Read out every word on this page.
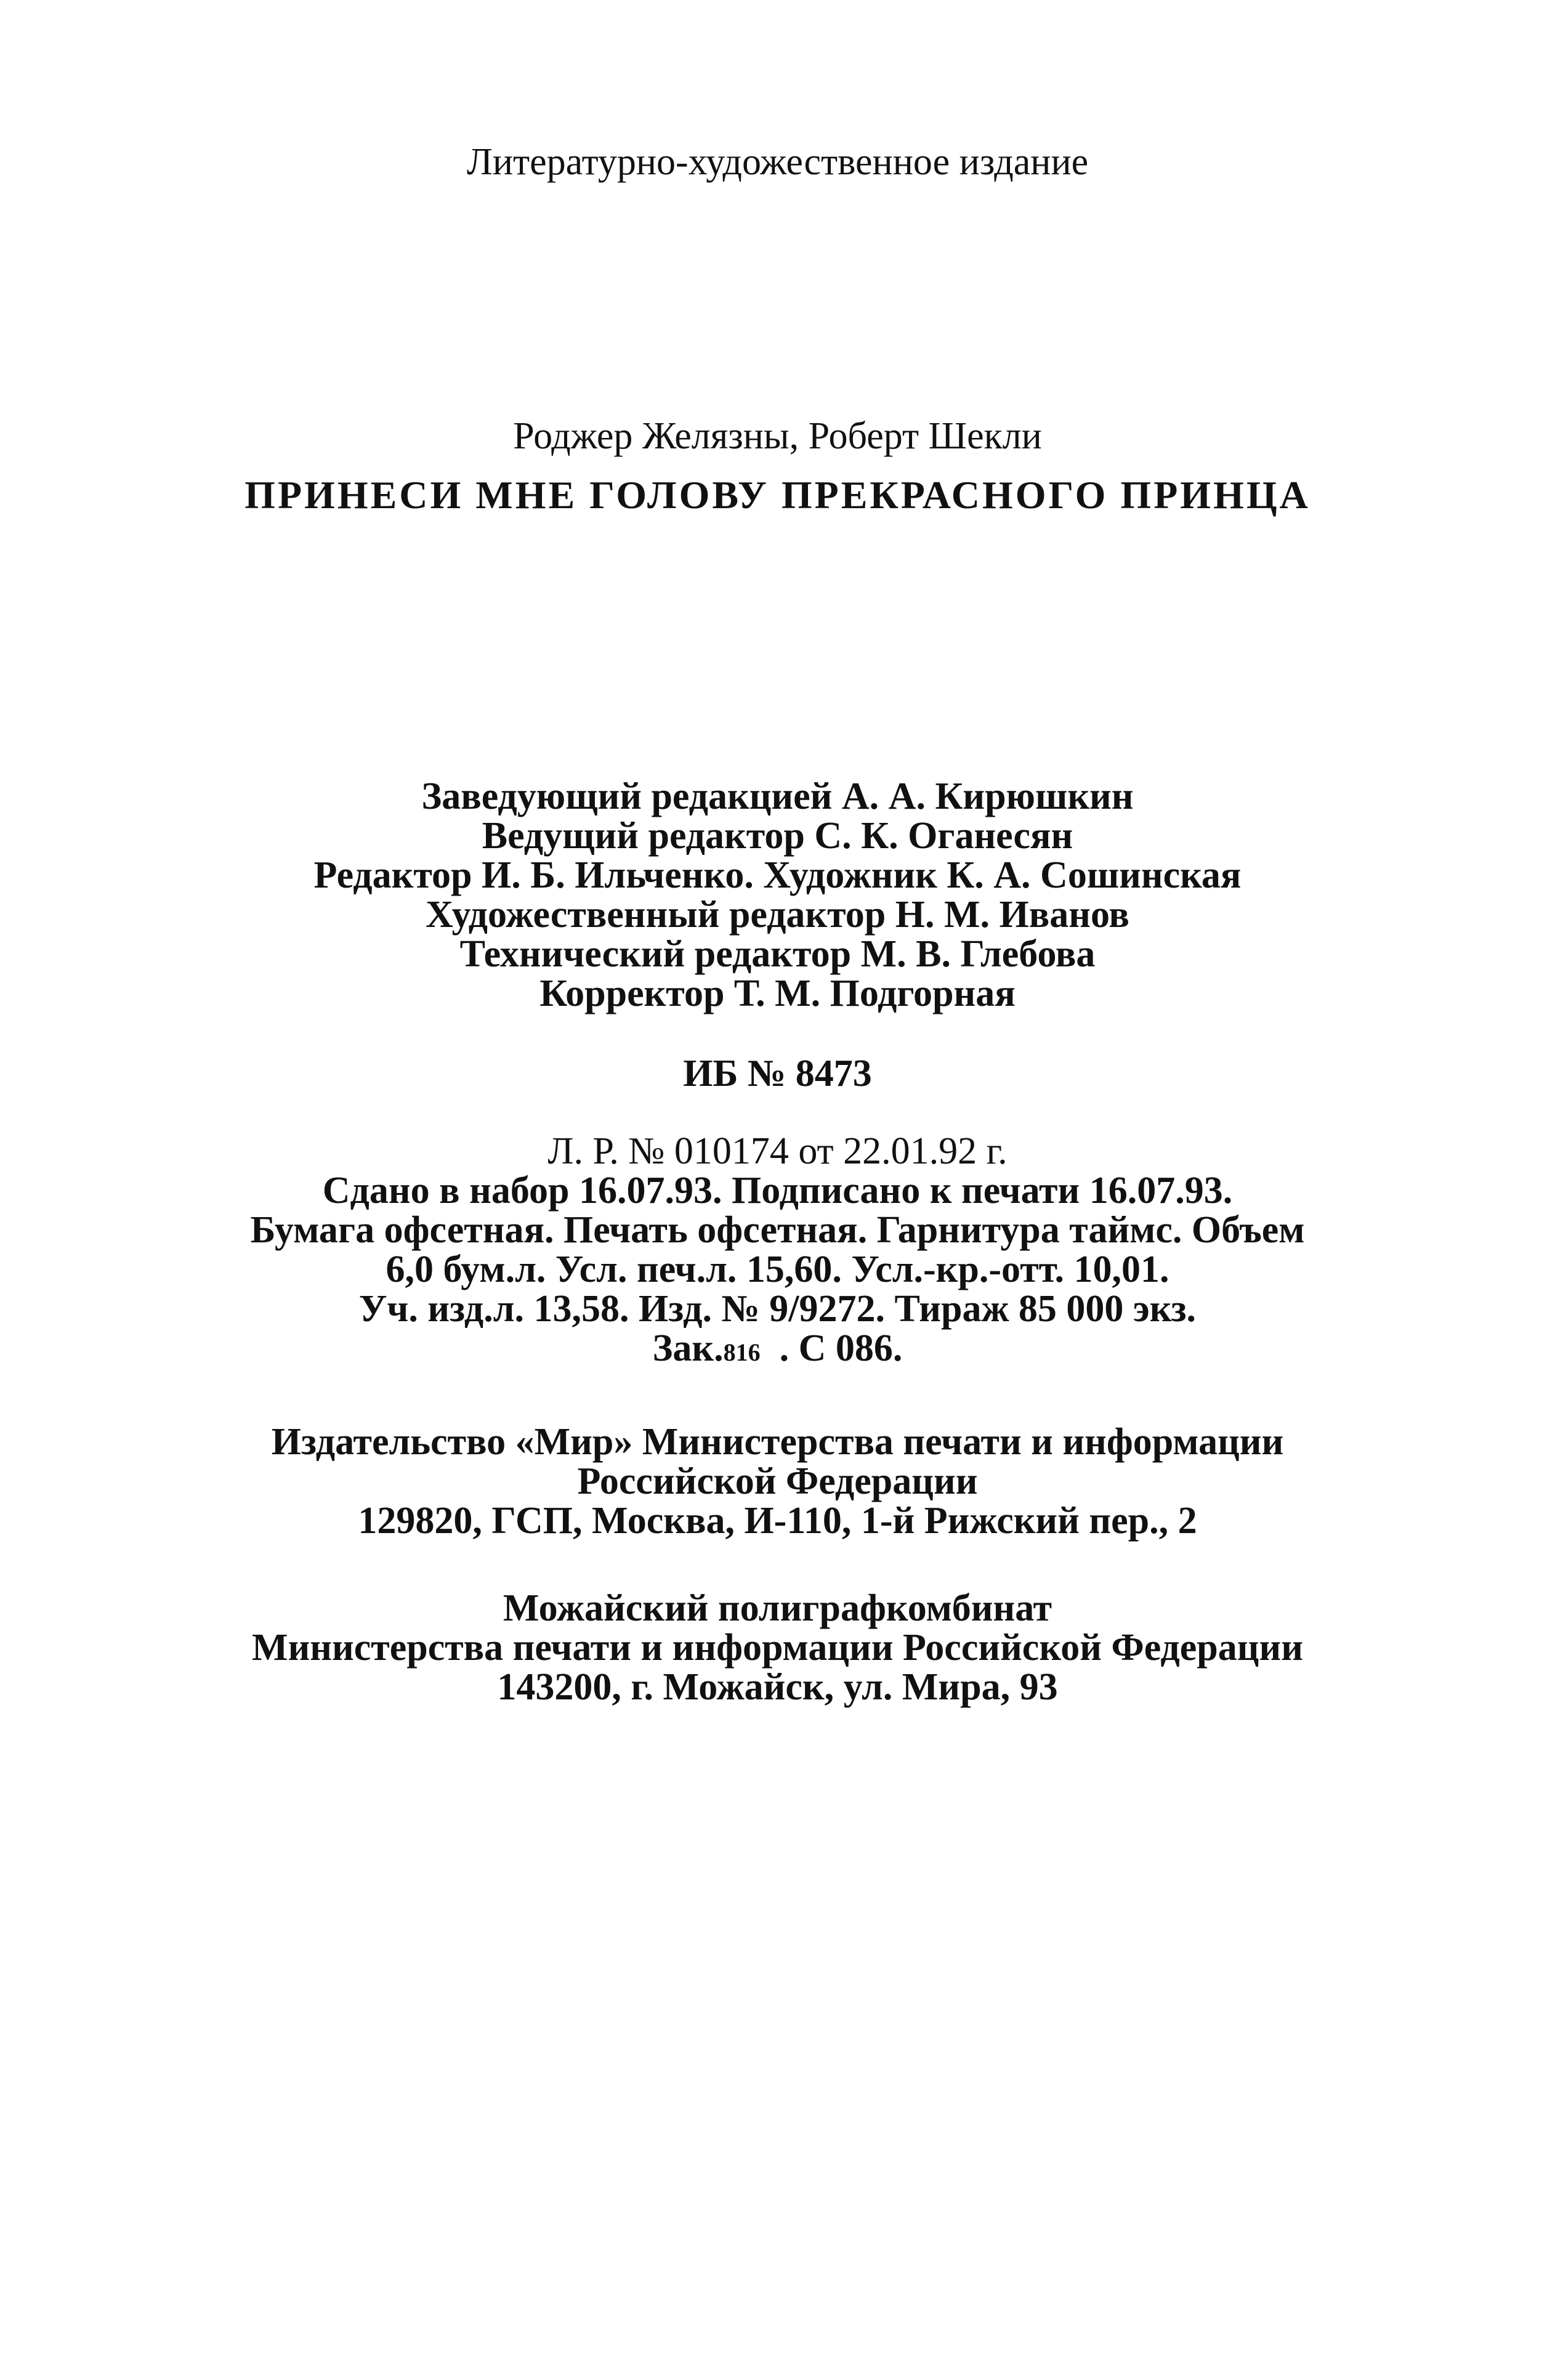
Литературно-художественное издание
Роджер Желязны, Роберт Шекли
ПРИНЕСИ МНЕ ГОЛОВУ ПРЕКРАСНОГО ПРИНЦА
Заведующий редакцией А. А. Кирюшкин
Ведущий редактор С. К. Оганесян
Редактор И. Б. Ильченко. Художник К. А. Сошинская
Художественный редактор Н. М. Иванов
Технический редактор М. В. Глебова
Корректор Т. М. Подгорная
ИБ № 8473
Л. Р. № 010174 от 22.01.92 г.
Сдано в набор 16.07.93. Подписано к печати 16.07.93.
Бумага офсетная. Печать офсетная. Гарнитура таймс. Объем
6,0 бум.л. Усл. печ.л. 15,60. Усл.-кр.-отт. 10,01.
Уч. изд.л. 13,58. Изд. № 9/9272. Тираж 85 000 экз.
Зак.816 . С 086.
Издательство «Мир» Министерства печати и информации
Российской Федерации
129820, ГСП, Москва, И-110, 1-й Рижский пер., 2
Можайский полиграфкомбинат
Министерства печати и информации Российской Федерации
143200, г. Можайск, ул. Мира, 93
